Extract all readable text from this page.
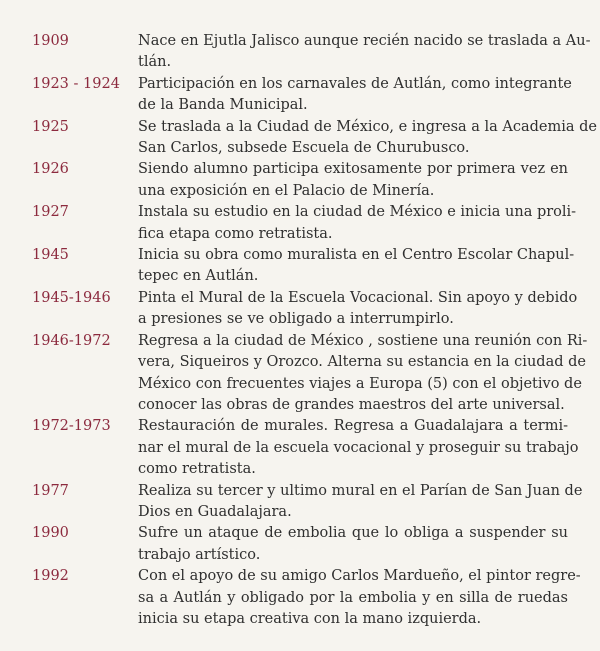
1909	Nace en Ejutla Jalisco aunque recién nacido se traslada a Au-
tlán.
1923 - 1924	Participación en los carnavales de Autlán, como integrante
de la Banda Municipal.
1925	Se traslada a la Ciudad de México, e ingresa a la Academia de
San Carlos, subsede Escuela de Churubusco.
1926	Siendo alumno participa exitosamente por primera vez en
una exposición en el Palacio de Minería.
1927	Instala su estudio en la ciudad de México e inicia una proli-
fica etapa como retratista.
1945	Inicia su obra como muralista en el Centro Escolar Chapul-
tepec en Autlán.
1945-1946	Pinta el Mural de la Escuela Vocacional. Sin apoyo y debido
a presiones se ve obligado a interrumpirlo.
1946-1972	Regresa a la ciudad de México , sostiene una reunión con Ri-
vera, Siqueiros y Orozco. Alterna su estancia en la ciudad de
México con frecuentes viajes a Europa (5) con el objetivo de
conocer las obras de grandes maestros del arte universal.
1972-1973	Restauración de murales. Regresa a Guadalajara a termi-
nar el mural de la escuela vocacional y proseguir su trabajo
como retratista.
1977	Realiza su tercer y ultimo mural en el Parían de San Juan de
Dios en Guadalajara.
1990	Sufre un ataque de embolia que lo obliga a suspender su
trabajo artístico.
1992	Con el apoyo de su amigo Carlos Mardueño, el pintor regre-
sa a Autlán y obligado por la embolia y en silla de ruedas
inicia su etapa creativa con la mano izquierda.
